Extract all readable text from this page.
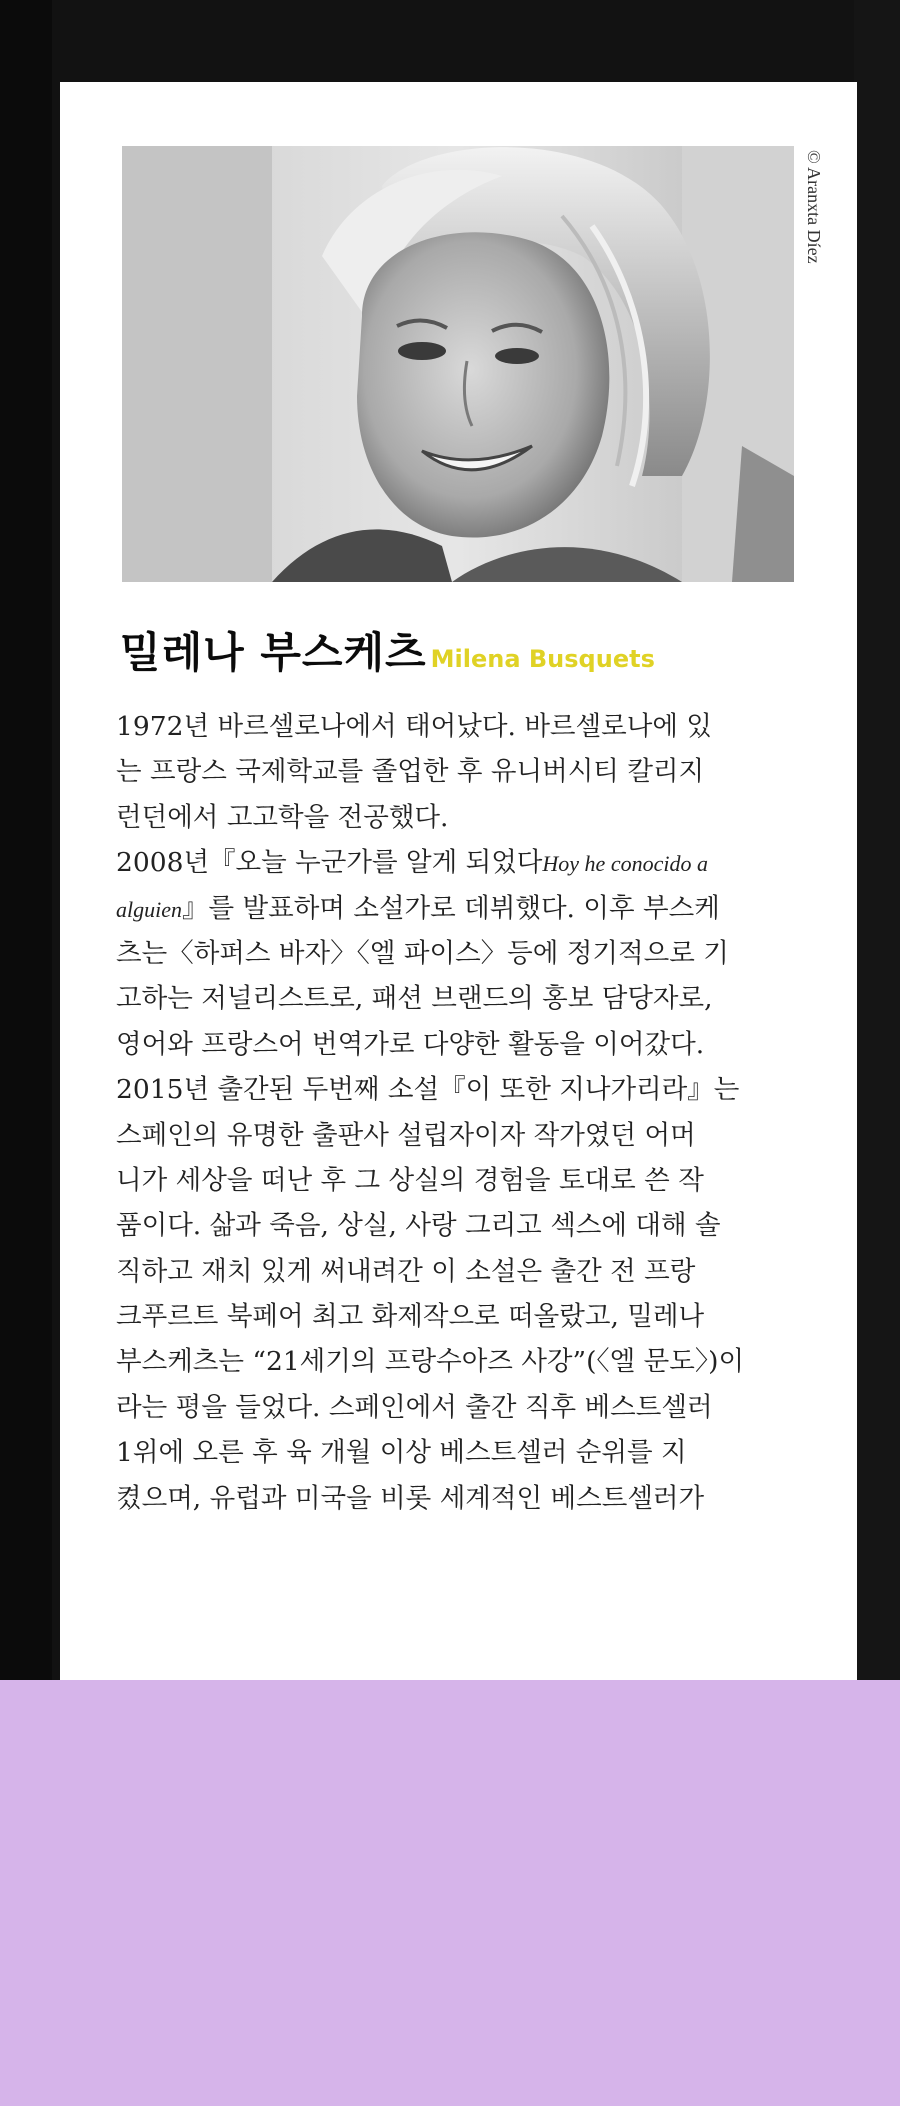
© Aranxta Díez
밀레나 부스케츠 Milena Busquets
1972년 바르셀로나에서 태어났다. 바르셀로나에 있
는 프랑스 국제학교를 졸업한 후 유니버시티 칼리지
런던에서 고고학을 전공했다.
2008년『오늘 누군가를 알게 되었다Hoy he conocido a
alguien』를 발표하며 소설가로 데뷔했다. 이후 부스케
츠는〈하퍼스 바자〉〈엘 파이스〉등에 정기적으로 기
고하는 저널리스트로, 패션 브랜드의 홍보 담당자로,
영어와 프랑스어 번역가로 다양한 활동을 이어갔다.
2015년 출간된 두번째 소설『이 또한 지나가리라』는
스페인의 유명한 출판사 설립자이자 작가였던 어머
니가 세상을 떠난 후 그 상실의 경험을 토대로 쓴 작
품이다. 삶과 죽음, 상실, 사랑 그리고 섹스에 대해 솔
직하고 재치 있게 써내려간 이 소설은 출간 전 프랑
크푸르트 북페어 최고 화제작으로 떠올랐고, 밀레나
부스케츠는 “21세기의 프랑수아즈 사강”(〈엘 문도〉)이
라는 평을 들었다. 스페인에서 출간 직후 베스트셀러
1위에 오른 후 육 개월 이상 베스트셀러 순위를 지
켰으며, 유럽과 미국을 비롯 세계적인 베스트셀러가
